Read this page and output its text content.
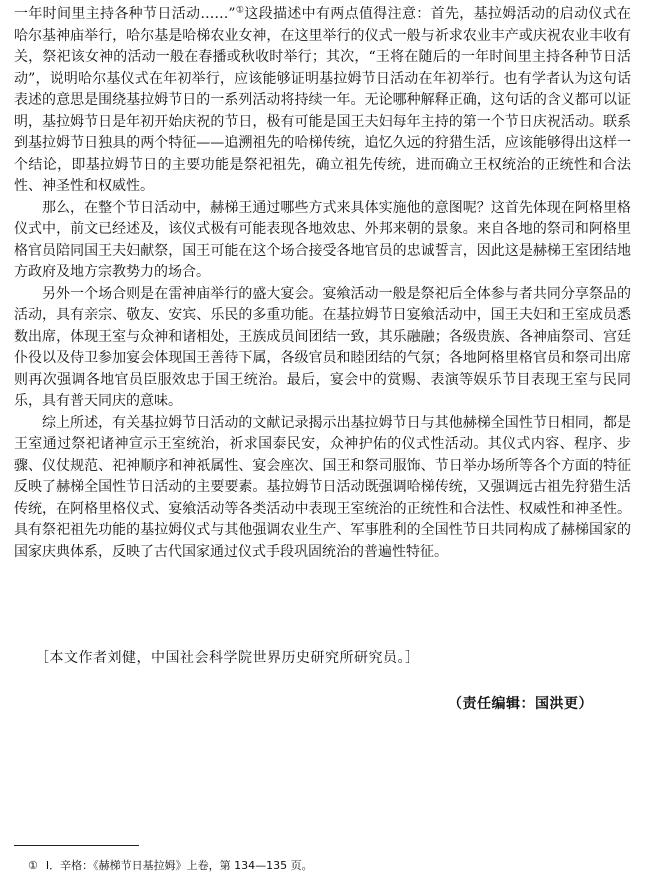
一年时间里主持各种节日活动……”①这段描述中有两点值得注意：首先，基拉姆活动的启动仪式在哈尔基神庙举行，哈尔基是哈梯农业女神，在这里举行的仪式一般与祈求农业丰产或庆祝农业丰收有关，祭祀该女神的活动一般在春播或秋收时举行；其次，“王将在随后的一年时间里主持各种节日活动”，说明哈尔基仪式在年初举行，应该能够证明基拉姆节日活动在年初举行。也有学者认为这句话表述的意思是围绕基拉姆节日的一系列活动将持续一年。无论哪种解释正确，这句话的含义都可以证明，基拉姆节日是年初开始庆祝的节日，极有可能是国王夫妇每年主持的第一个节日庆祝活动。联系到基拉姆节日独具的两个特征——追溯祖先的哈梯传统，追忆久远的狩猎生活，应该能够得出这样一个结论，即基拉姆节日的主要功能是祭祀祖先，确立祖先传统，进而确立王权统治的正统性和合法性、神圣性和权威性。

那么，在整个节日活动中，赫梯王通过哪些方式来具体实施他的意图呢？这首先体现在阿格里格仪式中，前文已经述及，该仪式极有可能表现各地效忠、外邦来朝的景象。来自各地的祭司和阿格里格官员陪同国王夫妇献祭，国王可能在这个场合接受各地官员的忠诚誓言，因此这是赫梯王室团结地方政府及地方宗教势力的场合。

另外一个场合则是在雷神庙举行的盛大宴会。宴飨活动一般是祭祀后全体参与者共同分享祭品的活动，具有亲宗、敬友、安宾、乐民的多重功能。在基拉姆节日宴飨活动中，国王夫妇和王室成员悉数出席，体现王室与众神和诸相处，王族成员间团结一致，其乐融融；各级贵族、各神庙祭司、宫廷仆役以及侍卫参加宴会体现国王善待下属，各级官员和睦团结的气氛；各地阿格里格官员和祭司出席则再次强调各地官员臣服效忠于国王统治。最后，宴会中的赏赐、表演等娱乐节目表现王室与民同乐，具有普天同庆的意味。

综上所述，有关基拉姆节日活动的文献记录揭示出基拉姆节日与其他赫梯全国性节日相同，都是王室通过祭祀诸神宣示王室统治，祈求国泰民安，众神护佑的仪式性活动。其仪式内容、程序、步骤、仪仗规范、祀神顺序和神祇属性、宴会座次、国王和祭司服饰、节日举办场所等各个方面的特征反映了赫梯全国性节日活动的主要要素。基拉姆节日活动既强调哈梯传统，又强调远古祖先狩猎生活传统，在阿格里格仪式、宴飨活动等各类活动中表现王室统治的正统性和合法性、权威性和神圣性。具有祭祀祖先功能的基拉姆仪式与其他强调农业生产、军事胜利的全国性节日共同构成了赫梯国家的国家庆典体系，反映了古代国家通过仪式手段巩固统治的普遍性特征。

［本文作者刘健，中国社会科学院世界历史研究所研究员。］
（责任编辑：国洪更）
① I．辛格：《赫梯节日基拉姆》上卷，第 134—135 页。
